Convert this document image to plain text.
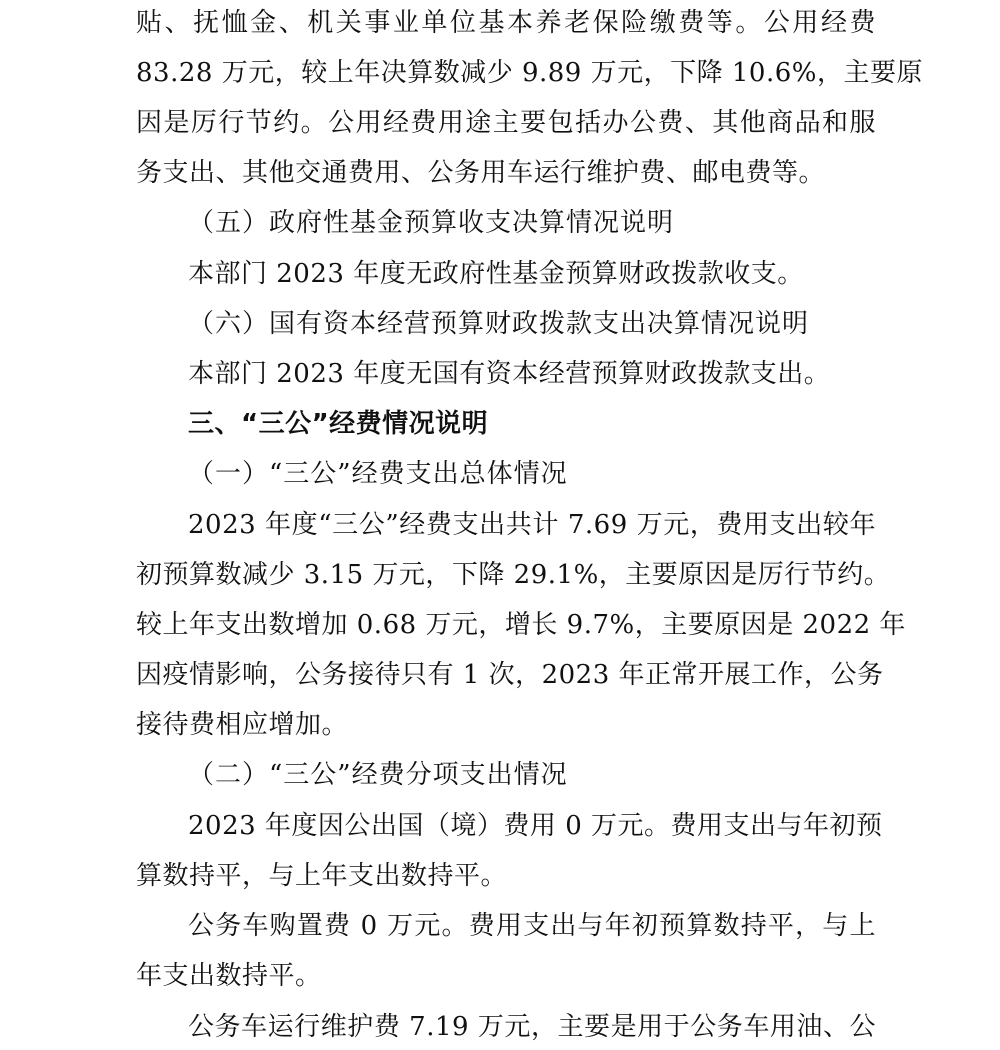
贴、抚恤金、机关事业单位基本养老保险缴费等。公用经费
83.28 万元，较上年决算数减少 9.89 万元，下降 10.6%，主要原
因是厉行节约。公用经费用途主要包括办公费、其他商品和服
务支出、其他交通费用、公务用车运行维护费、邮电费等。
（五）政府性基金预算收支决算情况说明
本部门 2023 年度无政府性基金预算财政拨款收支。
（六）国有资本经营预算财政拨款支出决算情况说明
本部门 2023 年度无国有资本经营预算财政拨款支出。
三、“三公”经费情况说明
（一）“三公”经费支出总体情况
2023 年度“三公”经费支出共计 7.69 万元，费用支出较年
初预算数减少 3.15 万元，下降 29.1%，主要原因是厉行节约。
较上年支出数增加 0.68 万元，增长 9.7%，主要原因是 2022 年
因疫情影响，公务接待只有 1 次，2023 年正常开展工作，公务
接待费相应增加。
（二）“三公”经费分项支出情况
2023 年度因公出国（境）费用 0 万元。费用支出与年初预
算数持平，与上年支出数持平。
公务车购置费 0 万元。费用支出与年初预算数持平，与上
年支出数持平。
公务车运行维护费 7.19 万元，主要是用于公务车用油、公
